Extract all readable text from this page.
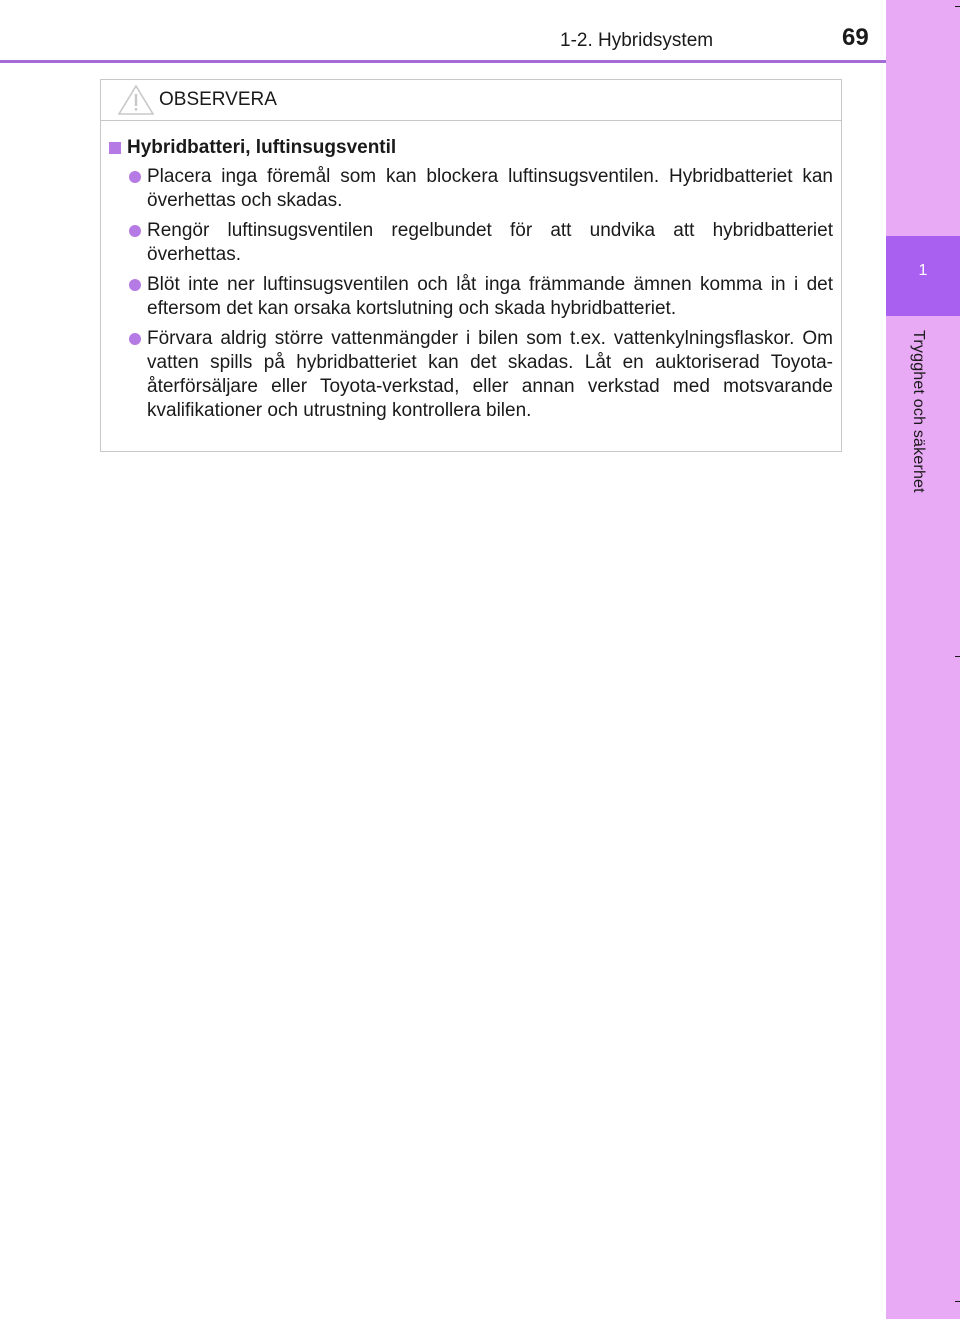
1-2. Hybridsystem	69
1
Trygghet och säkerhet
OBSERVERA
Hybridbatteri, luftinsugsventil
Placera inga föremål som kan blockera luftinsugsventilen. Hybridbatteriet kan överhettas och skadas.
Rengör luftinsugsventilen regelbundet för att undvika att hybridbatteriet överhettas.
Blöt inte ner luftinsugsventilen och låt inga främmande ämnen komma in i det eftersom det kan orsaka kortslutning och skada hybridbatteriet.
Förvara aldrig större vattenmängder i bilen som t.ex. vattenkylningsflaskor. Om vatten spills på hybridbatteriet kan det skadas. Låt en auktoriserad Toyota-återförsäljare eller Toyota-verkstad, eller annan verkstad med motsvarande kvalifikationer och utrustning kontrollera bilen.
